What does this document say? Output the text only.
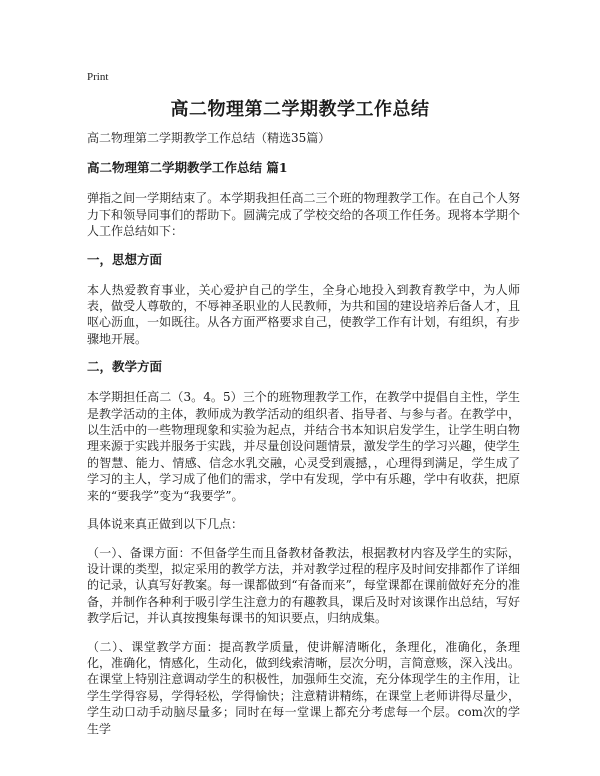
Print
高二物理第二学期教学工作总结

高二物理第二学期教学工作总结（精选35篇）

高二物理第二学期教学工作总结 篇1

弹指之间一学期结束了。本学期我担任高二三个班的物理教学工作。在自己个人努力下和领导同事们的帮助下。圆满完成了学校交给的各项工作任务。现将本学期个人工作总结如下：

一，思想方面

本人热爱教育事业，关心爱护自己的学生，全身心地投入到教育教学中，为人师表，做受人尊敬的，不辱神圣职业的人民教师，为共和国的建设培养后备人才，且呕心沥血，一如既往。从各方面严格要求自己，使教学工作有计划，有组织，有步骤地开展。

二，教学方面

本学期担任高二（3。4。5）三个的班物理教学工作，在教学中提倡自主性，学生是教学活动的主体，教师成为教学活动的组织者、指导者、与参与者。在教学中，以生活中的一些物理现象和实验为起点，并结合书本知识启发学生，让学生明白物理来源于实践并服务于实践，并尽量创设问题情景，激发学生的学习兴趣，使学生的智慧、能力、情感、信念水乳交融，心灵受到震撼，，心理得到满足，学生成了学习的主人，学习成了他们的需求，学中有发现，学中有乐趣，学中有收获，把原来的“要我学”变为“我要学”。

具体说来真正做到以下几点：

（一）、备课方面：不但备学生而且备教材备教法，根据教材内容及学生的实际，设计课的类型，拟定采用的教学方法，并对教学过程的程序及时间安排都作了详细的记录，认真写好教案。每一课都做到“有备而来”，每堂课都在课前做好充分的准备，并制作各种利于吸引学生注意力的有趣教具，课后及时对该课作出总结，写好教学后记，并认真按搜集每课书的知识要点，归纳成集。

（二）、课堂教学方面：提高教学质量，使讲解清晰化，条理化，准确化，条理化，准确化，情感化，生动化，做到线索清晰，层次分明，言简意赅，深入浅出。在课堂上特别注意调动学生的积极性，加强师生交流，充分体现学生的主作用，让学生学得容易，学得轻松，学得愉快；注意精讲精练，在课堂上老师讲得尽量少，学生动口动手动脑尽量多；同时在每一堂课上都充分考虑每一个层。com次的学生学
